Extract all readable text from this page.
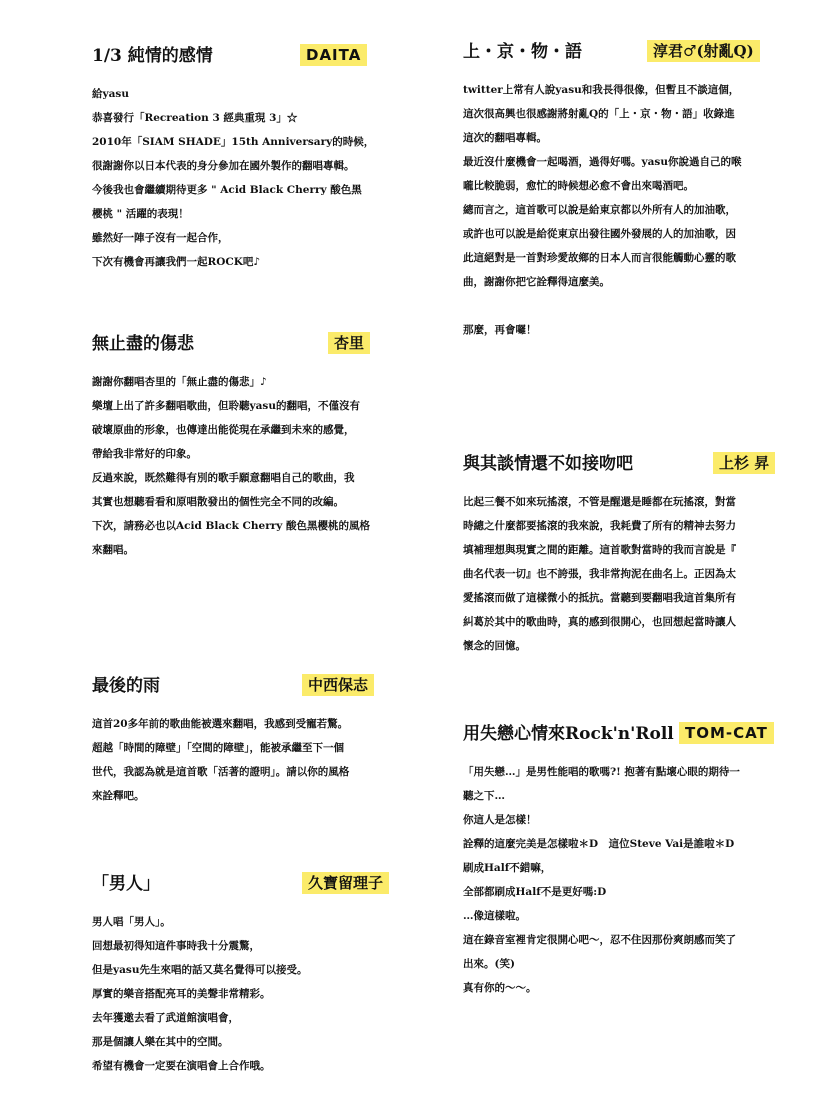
1/3 純情的感情	DAITA

給yasu

恭喜發行「Recreation 3 經典重現 3」☆

2010年「SIAM SHADE」15th Anniversary的時候，

很謝謝你以日本代表的身分參加在國外製作的翻唱專輯。

今後我也會繼續期待更多 " Acid Black Cherry 酸色黑

櫻桃 " 活躍的表現！

雖然好一陣子沒有一起合作，

下次有機會再讓我們一起ROCK吧♪

無止盡的傷悲	杏里

謝謝你翻唱杏里的「無止盡的傷悲」♪

樂壇上出了許多翻唱歌曲，但聆聽yasu的翻唱，不僅沒有

破壞原曲的形象，也傳達出能從現在承繼到未來的感覺，

帶給我非常好的印象。

反過來說，既然難得有別的歌手願意翻唱自己的歌曲，我

其實也想聽看看和原唱散發出的個性完全不同的改編。

下次，請務必也以Acid Black Cherry 酸色黑櫻桃的風格

來翻唱。

最後的雨	中西保志

這首20多年前的歌曲能被選來翻唱，我感到受寵若驚。

超越「時間的障壁」「空間的障壁」，能被承繼至下一個

世代，我認為就是這首歌「活著的證明」。請以你的風格

來詮釋吧。

「男人」	久寶留理子

男人唱「男人」。

回想最初得知這件事時我十分震驚，

但是yasu先生來唱的話又莫名覺得可以接受。

厚實的樂音搭配亮耳的美聲非常精彩。

去年獲邀去看了武道館演唱會，

那是個讓人樂在其中的空間。

希望有機會一定要在演唱會上合作哦。

上・京・物・語	淳君♂(射亂Q)

twitter上常有人說yasu和我長得很像，但暫且不談這個，

這次很高興也很感謝將射亂Q的「上・京・物・語」收錄進

這次的翻唱專輯。

最近沒什麼機會一起喝酒，過得好嗎。yasu你說過自己的喉

嚨比較脆弱，愈忙的時候想必愈不會出來喝酒吧。

總而言之，這首歌可以說是給東京都以外所有人的加油歌，

或許也可以說是給從東京出發往國外發展的人的加油歌，因

此這絕對是一首對珍愛故鄉的日本人而言很能觸動心靈的歌

曲，謝謝你把它詮釋得這麼美。

那麼，再會囉！

與其談情還不如接吻吧	上杉 昇

比起三餐不如來玩搖滾，不管是醒還是睡都在玩搖滾，對當

時總之什麼都要搖滾的我來說，我耗費了所有的精神去努力

填補理想與現實之間的距離。這首歌對當時的我而言說是『

曲名代表一切』也不誇張，我非常拘泥在曲名上。正因為太

愛搖滾而做了這樣微小的抵抗。當聽到要翻唱我這首集所有

糾葛於其中的歌曲時，真的感到很開心，也回想起當時讓人

懷念的回憶。

用失戀心情來Rock'n'Roll TOM-CAT

「用失戀…」是男性能唱的歌嗎?! 抱著有點壞心眼的期待一

聽之下…

你這人是怎樣！

詮釋的這麼完美是怎樣啦＊D　這位Steve Vai是誰啦＊D

刷成Half不錯嘛，

全部都刷成Half不是更好嗎:D

…像這樣啦。

這在錄音室裡肯定很開心吧～，忍不住因那份爽朗感而笑了

出來。(笑)

真有你的～～。
